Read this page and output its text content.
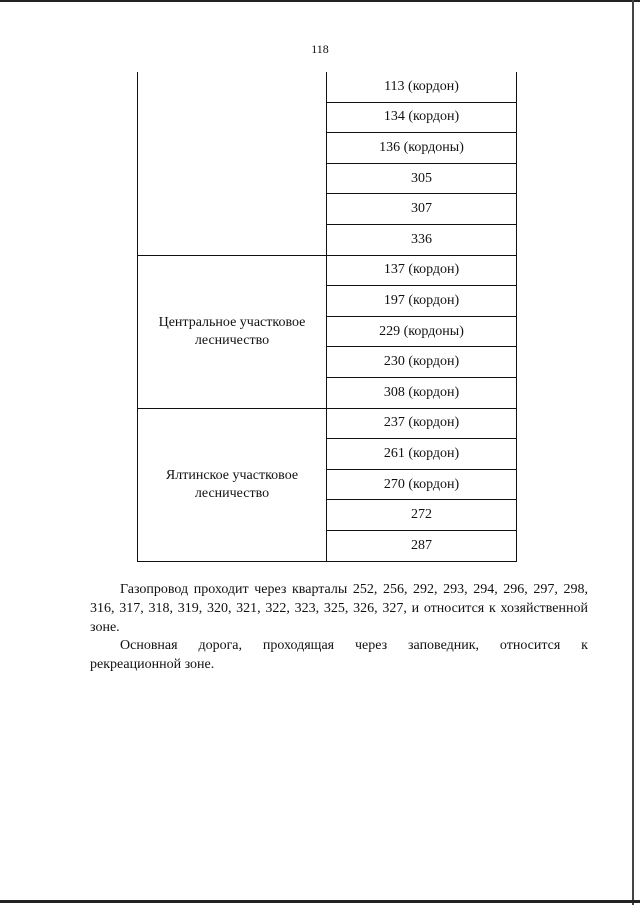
118
	113 (кордон)
	134 (кордон)
	136 (кордоны)
	305
	307
	336
Центральное участковое лесничество	137 (кордон)
	197 (кордон)
	229 (кордоны)
	230 (кордон)
	308 (кордон)
Ялтинское участковое лесничество	237 (кордон)
	261 (кордон)
	270 (кордон)
	272
	287

Газопровод проходит через кварталы 252, 256, 292, 293, 294, 296, 297, 298, 316, 317, 318, 319, 320, 321, 322, 323, 325, 326, 327, и относится к хозяйственной зоне.

Основная дорога, проходящая через заповедник, относится к
рекреационной зоне.
